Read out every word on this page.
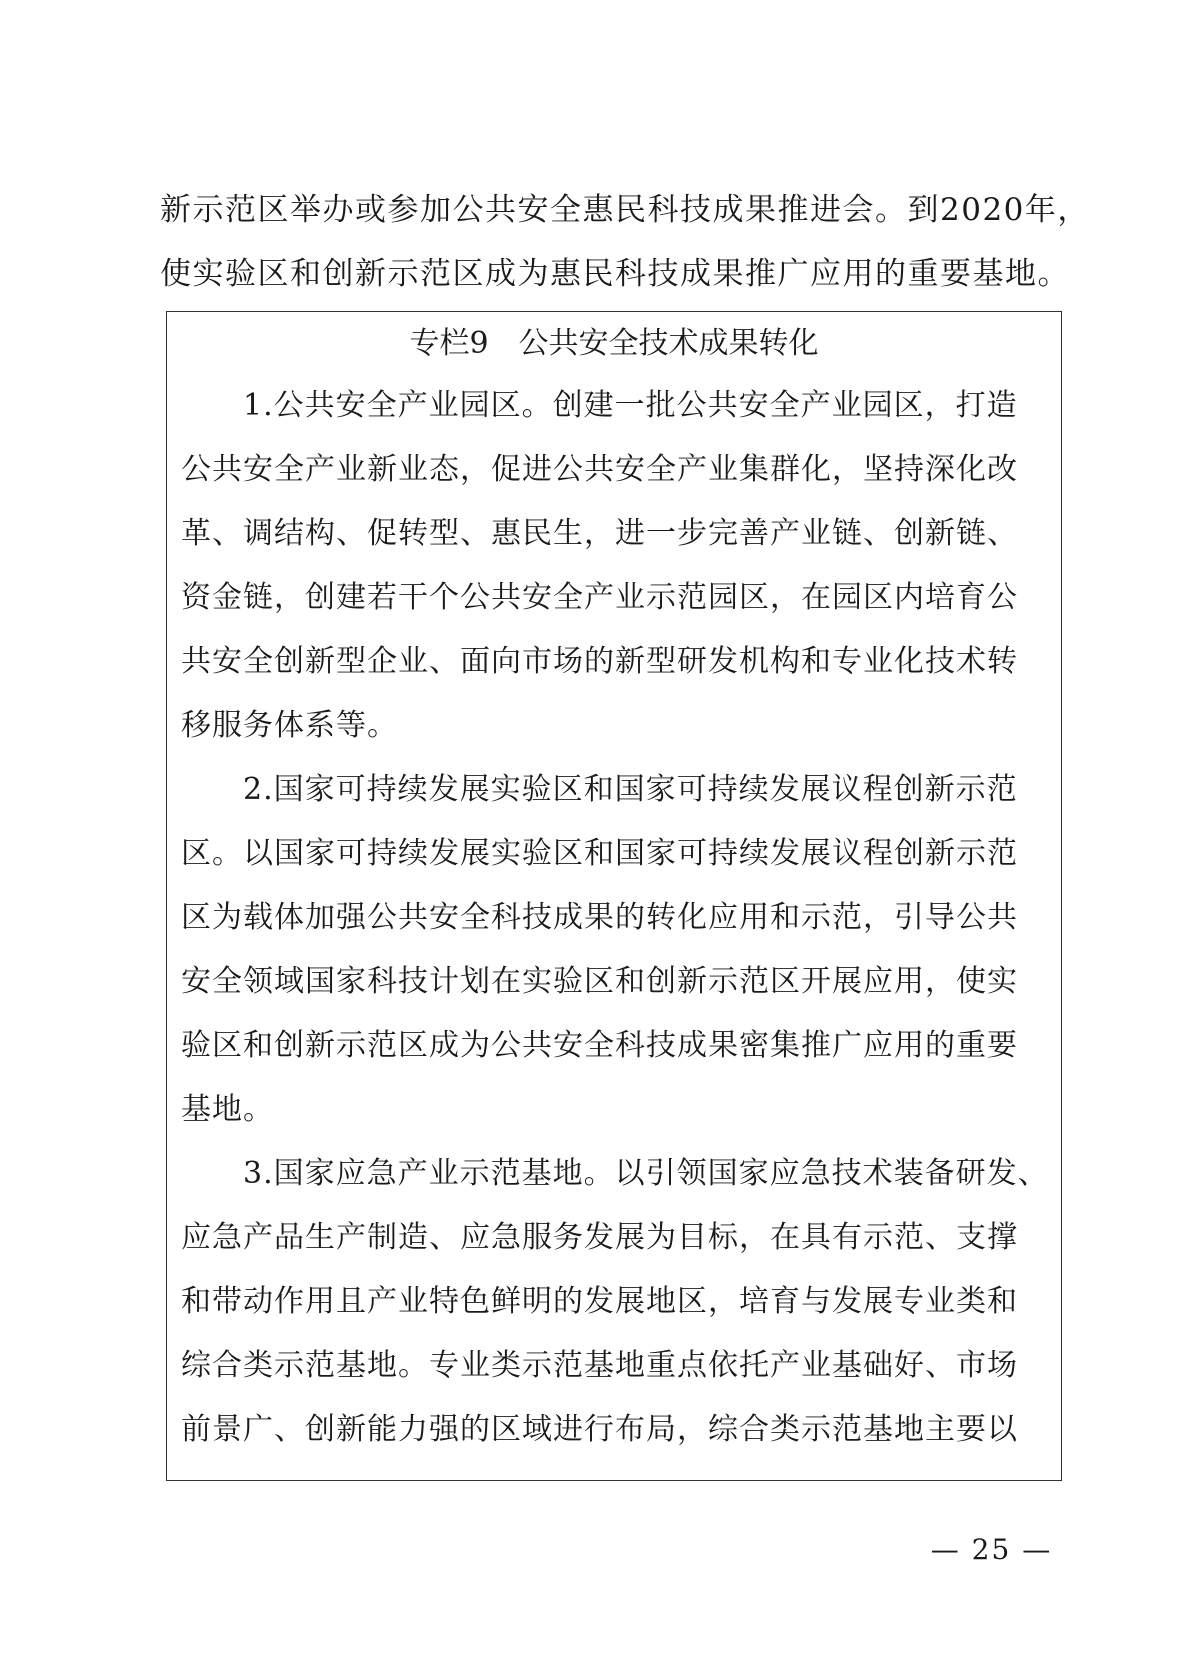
新示范区举办或参加公共安全惠民科技成果推进会。到2020年，
使实验区和创新示范区成为惠民科技成果推广应用的重要基地。
专栏9　公共安全技术成果转化
1.公共安全产业园区。创建一批公共安全产业园区，打造
公共安全产业新业态，促进公共安全产业集群化，坚持深化改
革、调结构、促转型、惠民生，进一步完善产业链、创新链、
资金链，创建若干个公共安全产业示范园区，在园区内培育公
共安全创新型企业、面向市场的新型研发机构和专业化技术转
移服务体系等。
2.国家可持续发展实验区和国家可持续发展议程创新示范
区。以国家可持续发展实验区和国家可持续发展议程创新示范
区为载体加强公共安全科技成果的转化应用和示范，引导公共
安全领域国家科技计划在实验区和创新示范区开展应用，使实
验区和创新示范区成为公共安全科技成果密集推广应用的重要
基地。
3.国家应急产业示范基地。以引领国家应急技术装备研发、
应急产品生产制造、应急服务发展为目标，在具有示范、支撑
和带动作用且产业特色鲜明的发展地区，培育与发展专业类和
综合类示范基地。专业类示范基地重点依托产业基础好、市场
前景广、创新能力强的区域进行布局，综合类示范基地主要以
— 25 —
